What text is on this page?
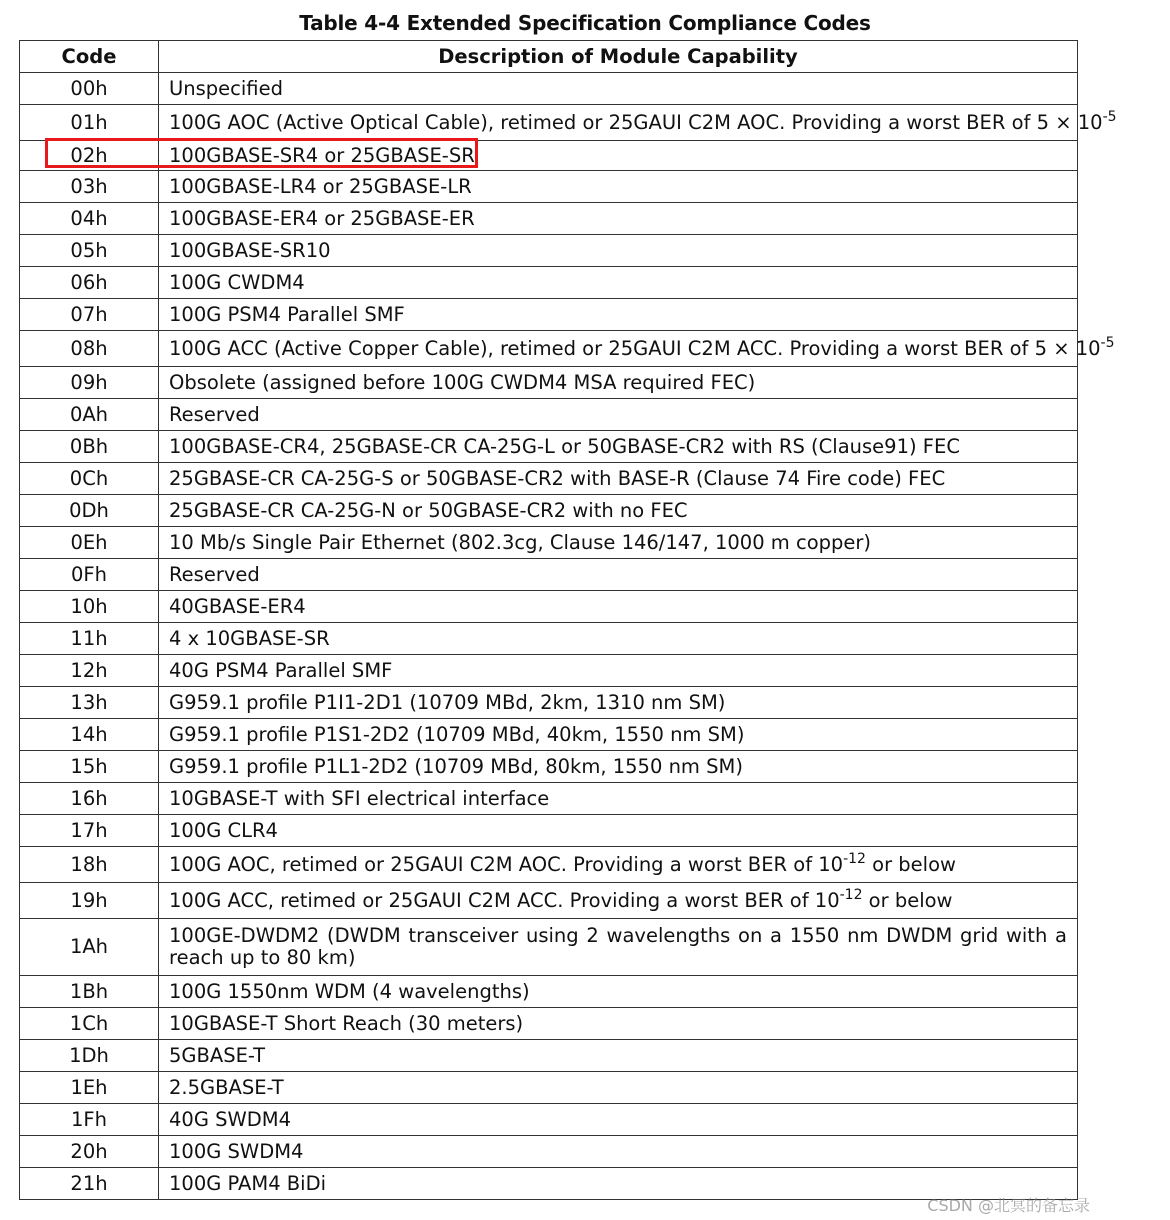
Table 4-4 Extended Specification Compliance Codes
Code	Description of Module Capability
00h	Unspecified
01h	100G AOC (Active Optical Cable), retimed or 25GAUI C2M AOC. Providing a worst BER of $5 \times 10^{-5}$
02h	100GBASE-SR4 or 25GBASE-SR
03h	100GBASE-LR4 or 25GBASE-LR
04h	100GBASE-ER4 or 25GBASE-ER
05h	100GBASE-SR10
06h	100G CWDM4
07h	100G PSM4 Parallel SMF
08h	100G ACC (Active Copper Cable), retimed or 25GAUI C2M ACC. Providing a worst BER of $5 \times 10^{-5}$
09h	Obsolete (assigned before 100G CWDM4 MSA required FEC)
0Ah	Reserved
0Bh	100GBASE-CR4, 25GBASE-CR CA-25G-L or 50GBASE-CR2 with RS (Clause91) FEC
0Ch	25GBASE-CR CA-25G-S or 50GBASE-CR2 with BASE-R (Clause 74 Fire code) FEC
0Dh	25GBASE-CR CA-25G-N or 50GBASE-CR2 with no FEC
0Eh	10 Mb/s Single Pair Ethernet (802.3cg, Clause 146/147, 1000 m copper)
0Fh	Reserved
10h	40GBASE-ER4
11h	4 x 10GBASE-SR
12h	40G PSM4 Parallel SMF
13h	G959.1 profile P1I1-2D1 (10709 MBd, 2km, 1310 nm SM)
14h	G959.1 profile P1S1-2D2 (10709 MBd, 40km, 1550 nm SM)
15h	G959.1 profile P1L1-2D2 (10709 MBd, 80km, 1550 nm SM)
16h	10GBASE-T with SFI electrical interface
17h	100G CLR4
18h	100G AOC, retimed or 25GAUI C2M AOC. Providing a worst BER of $10^{-12}$ or below
19h	100G ACC, retimed or 25GAUI C2M ACC. Providing a worst BER of $10^{-12}$ or below
1Ah	100GE-DWDM2 (DWDM transceiver using 2 wavelengths on a 1550 nm DWDM grid with a reach up to 80 km)
1Bh	100G 1550nm WDM (4 wavelengths)
1Ch	10GBASE-T Short Reach (30 meters)
1Dh	5GBASE-T
1Eh	2.5GBASE-T
1Fh	40G SWDM4
20h	100G SWDM4
21h	100G PAM4 BiDi
CSDN @北冥的备忘录
